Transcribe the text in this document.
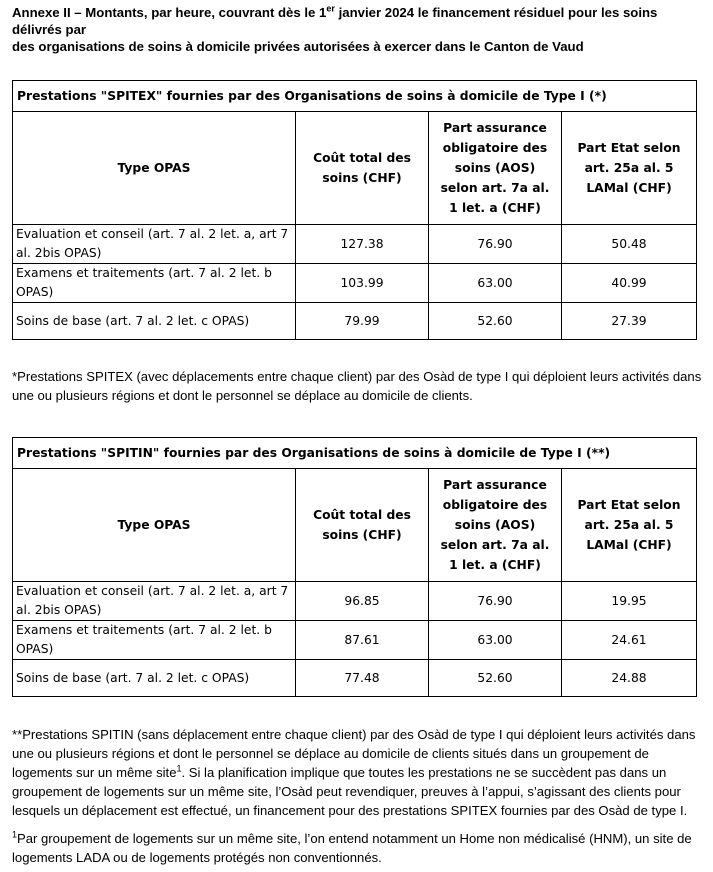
Annexe II – Montants, par heure, couvrant dès le 1er janvier 2024 le financement résiduel pour les soins délivrés par
des organisations de soins à domicile privées autorisées à exercer dans le Canton de Vaud
Prestations "SPITEX" fournies par des Organisations de soins à domicile de Type I (*)			
Type OPAS	Coût total des soins (CHF)	Part assurance obligatoire des soins (AOS) selon art. 7a al. 1 let. a (CHF)	Part Etat selon art. 25a al. 5 LAMal (CHF)
Evaluation et conseil (art. 7 al. 2 let. a, art 7 al. 2bis OPAS)	127.38	76.90	50.48
Examens et traitements (art. 7 al. 2 let. b OPAS)	103.99	63.00	40.99
Soins de base (art. 7 al. 2 let. c OPAS)	79.99	52.60	27.39
*Prestations SPITEX (avec déplacements entre chaque client) par des Osàd de type I qui déploient leurs activités dans une ou plusieurs régions et dont le personnel se déplace au domicile de clients.
Prestations "SPITIN" fournies par des Organisations de soins à domicile de Type I (**)			
Type OPAS	Coût total des soins (CHF)	Part assurance obligatoire des soins (AOS) selon art. 7a al. 1 let. a (CHF)	Part Etat selon art. 25a al. 5 LAMal (CHF)
Evaluation et conseil (art. 7 al. 2 let. a, art 7 al. 2bis OPAS)	96.85	76.90	19.95
Examens et traitements (art. 7 al. 2 let. b OPAS)	87.61	63.00	24.61
Soins de base (art. 7 al. 2 let. c OPAS)	77.48	52.60	24.88
**Prestations SPITIN (sans déplacement entre chaque client) par des Osàd de type I qui déploient leurs activités dans une ou plusieurs régions et dont le personnel se déplace au domicile de clients situés dans un groupement de logements sur un même site$^1$. Si la planification implique que toutes les prestations ne se succèdent pas dans un groupement de logements sur un même site, l’Osàd peut revendiquer, preuves à l’appui, s’agissant des clients pour lesquels un déplacement est effectué, un financement pour des prestations SPITEX fournies par des Osàd de type I.
$^1$Par groupement de logements sur un même site, l’on entend notamment un Home non médicalisé (HNM), un site de logements LADA ou de logements protégés non conventionnés.
